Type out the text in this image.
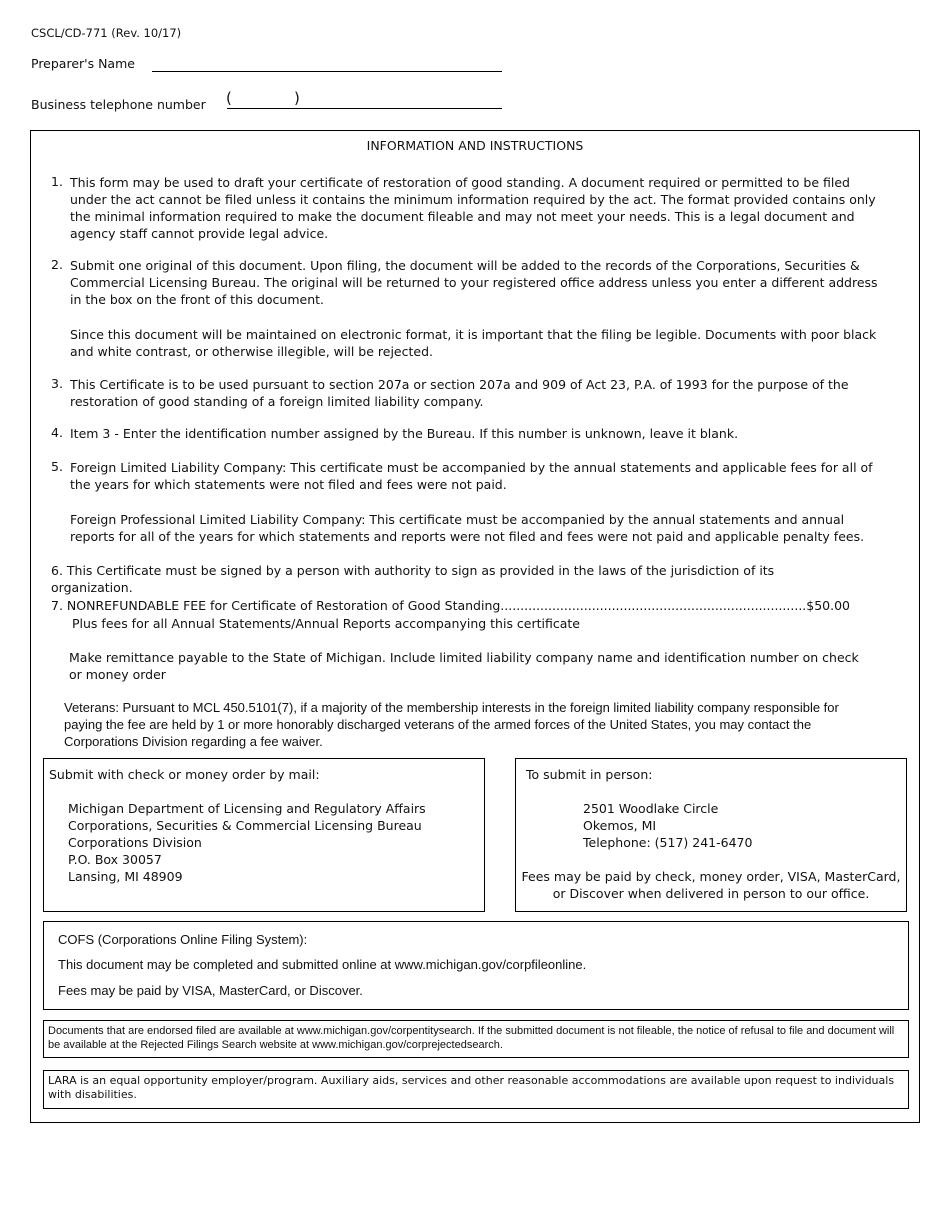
CSCL/CD-771 (Rev. 10/17)
Preparer's Name
Business telephone number (	)
INFORMATION AND INSTRUCTIONS
1. This form may be used to draft your certificate of restoration of good standing. A document required or permitted to be filed under the act cannot be filed unless it contains the minimum information required by the act. The format provided contains only the minimal information required to make the document fileable and may not meet your needs. This is a legal document and agency staff cannot provide legal advice.
2. Submit one original of this document. Upon filing, the document will be added to the records of the Corporations, Securities & Commercial Licensing Bureau. The original will be returned to your registered office address unless you enter a different address in the box on the front of this document.
Since this document will be maintained on electronic format, it is important that the filing be legible. Documents with poor black and white contrast, or otherwise illegible, will be rejected.
3. This Certificate is to be used pursuant to section 207a or section 207a and 909 of Act 23, P.A. of 1993 for the purpose of the restoration of good standing of a foreign limited liability company.
4. Item 3 - Enter the identification number assigned by the Bureau. If this number is unknown, leave it blank.
5. Foreign Limited Liability Company: This certificate must be accompanied by the annual statements and applicable fees for all of the years for which statements were not filed and fees were not paid.
Foreign Professional Limited Liability Company: This certificate must be accompanied by the annual statements and annual reports for all of the years for which statements and reports were not filed and fees were not paid and applicable penalty fees.
6. This Certificate must be signed by a person with authority to sign as provided in the laws of the jurisdiction of its
organization.
7. NONREFUNDABLE FEE for Certificate of Restoration of Good Standing.............................................................................$50.00
Plus fees for all Annual Statements/Annual Reports accompanying this certificate
Make remittance payable to the State of Michigan. Include limited liability company name and identification number on check or money order
Veterans: Pursuant to MCL 450.5101(7), if a majority of the membership interests in the foreign limited liability company responsible for paying the fee are held by 1 or more honorably discharged veterans of the armed forces of the United States, you may contact the Corporations Division regarding a fee waiver.
Submit with check or money order by mail:
Michigan Department of Licensing and Regulatory Affairs
Corporations, Securities & Commercial Licensing Bureau
Corporations Division
P.O. Box 30057
Lansing, MI 48909
To submit in person:
2501 Woodlake Circle
Okemos, MI
Telephone: (517) 241-6470
Fees may be paid by check, money order, VISA, MasterCard,
or Discover when delivered in person to our office.
COFS (Corporations Online Filing System):
This document may be completed and submitted online at www.michigan.gov/corpfileonline.
Fees may be paid by VISA, MasterCard, or Discover.
Documents that are endorsed filed are available at www.michigan.gov/corpentitysearch. If the submitted document is not fileable, the notice of refusal to file and document will be available at the Rejected Filings Search website at www.michigan.gov/corprejectedsearch.
LARA is an equal opportunity employer/program. Auxiliary aids, services and other reasonable accommodations are available upon request to individuals with disabilities.
